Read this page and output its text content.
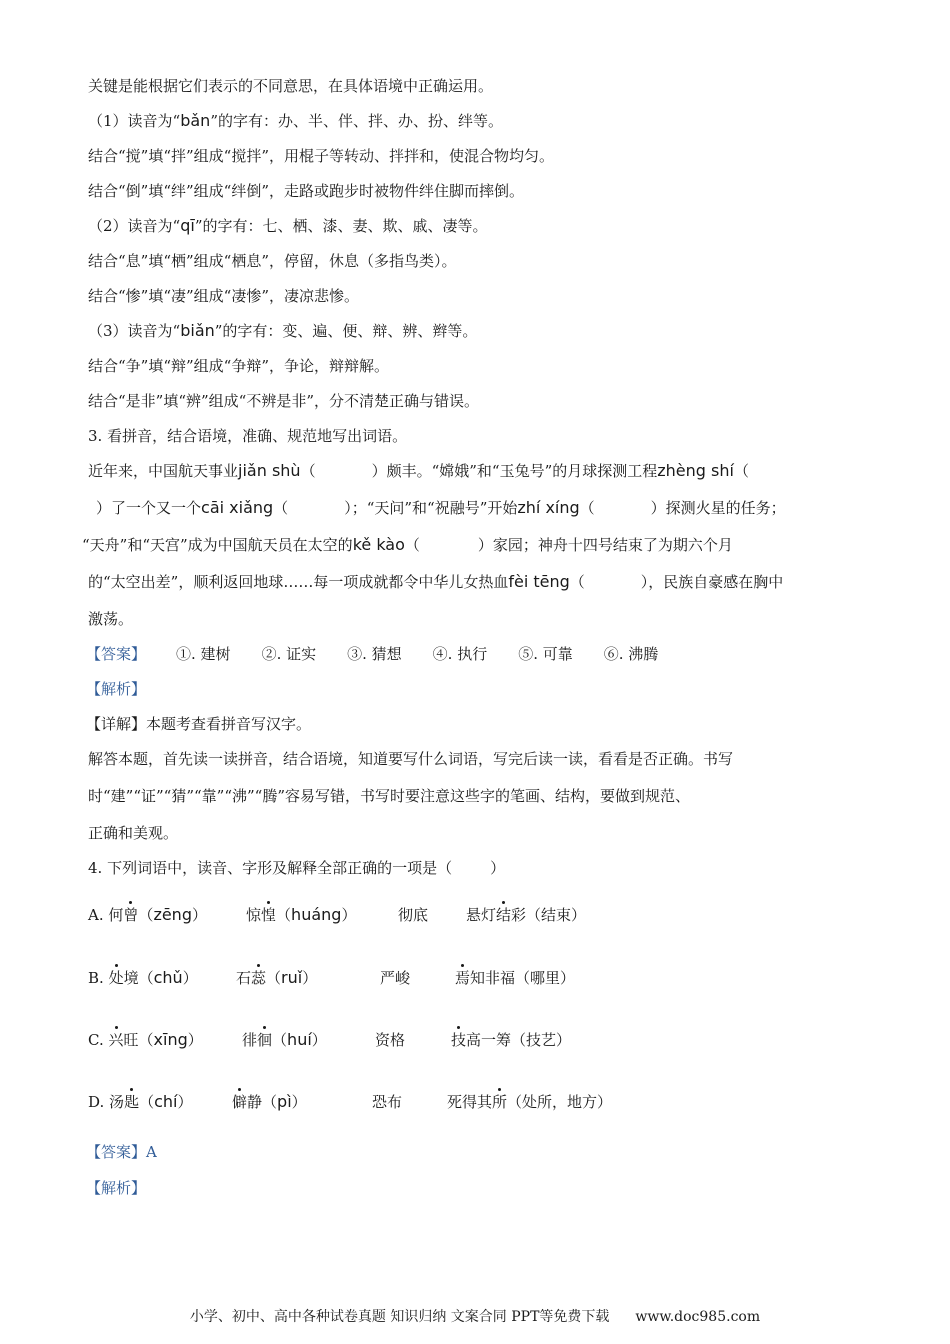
关键是能根据它们表示的不同意思，在具体语境中正确运用。
（1）读音为“bǎn”的字有：办、半、伴、拌、办、扮、绊等。
结合“搅”填“拌”组成“搅拌”，用棍子等转动、拌拌和，使混合物均匀。
结合“倒”填“绊”组成“绊倒”，走路或跑步时被物件绊住脚而摔倒。
（2）读音为“qī”的字有：七、栖、漆、妻、欺、戚、凄等。
结合“息”填“栖”组成“栖息”，停留，休息（多指鸟类）。
结合“惨”填“凄”组成“凄惨”，凄凉悲惨。
（3）读音为“biǎn”的字有：变、遍、便、辩、辨、辫等。
结合“争”填“辩”组成“争辩”，争论，辩辩解。
结合“是非”填“辨”组成“不辨是非”，分不清楚正确与错误。
3. 看拼音，结合语境，准确、规范地写出词语。
近年来，中国航天事业jiǎn shù（	）颇丰。“嫦娥”和“玉兔号”的月球探测工程zhèng shí（
）了一个又一个cāi xiǎng（	）；“天问”和“祝融号”开始zhí xíng（	）探测火星的任务；
“天舟”和“天宫”成为中国航天员在太空的kě kào（	）家园；神舟十四号结束了为期六个月
的“太空出差”，顺利返回地球……每一项成就都令中华儿女热血fèi tēng（	），民族自豪感在胸中
激荡。
【答案】 ①. 建树 ②. 证实 ③. 猜想 ④. 执行 ⑤. 可靠 ⑥. 沸腾
【解析】
【详解】本题考查看拼音写汉字。
解答本题，首先读一读拼音，结合语境，知道要写什么词语，写完后读一读，看看是否正确。书写
时“建”“证”“猜”“靠”“沸”“腾”容易写错，书写时要注意这些字的笔画、结构，要做到规范、
正确和美观。
4. 下列词语中，读音、字形及解释全部正确的一项是（	）
A. 何曾（zēng）	惊惶（huáng）	彻底	悬灯结彩（结束）
B. 处境（chǔ）	石蕊（ruǐ）	严峻	焉知非福（哪里）
C. 兴旺（xīng）	徘徊（huí）	资格	技高一筹（技艺）
D. 汤匙（chí）	僻静（pì）	恐布	死得其所（处所，地方）
【答案】A
【解析】
小学、初中、高中各种试卷真题 知识归纳 文案合同 PPT等免费下载 www.doc985.com
